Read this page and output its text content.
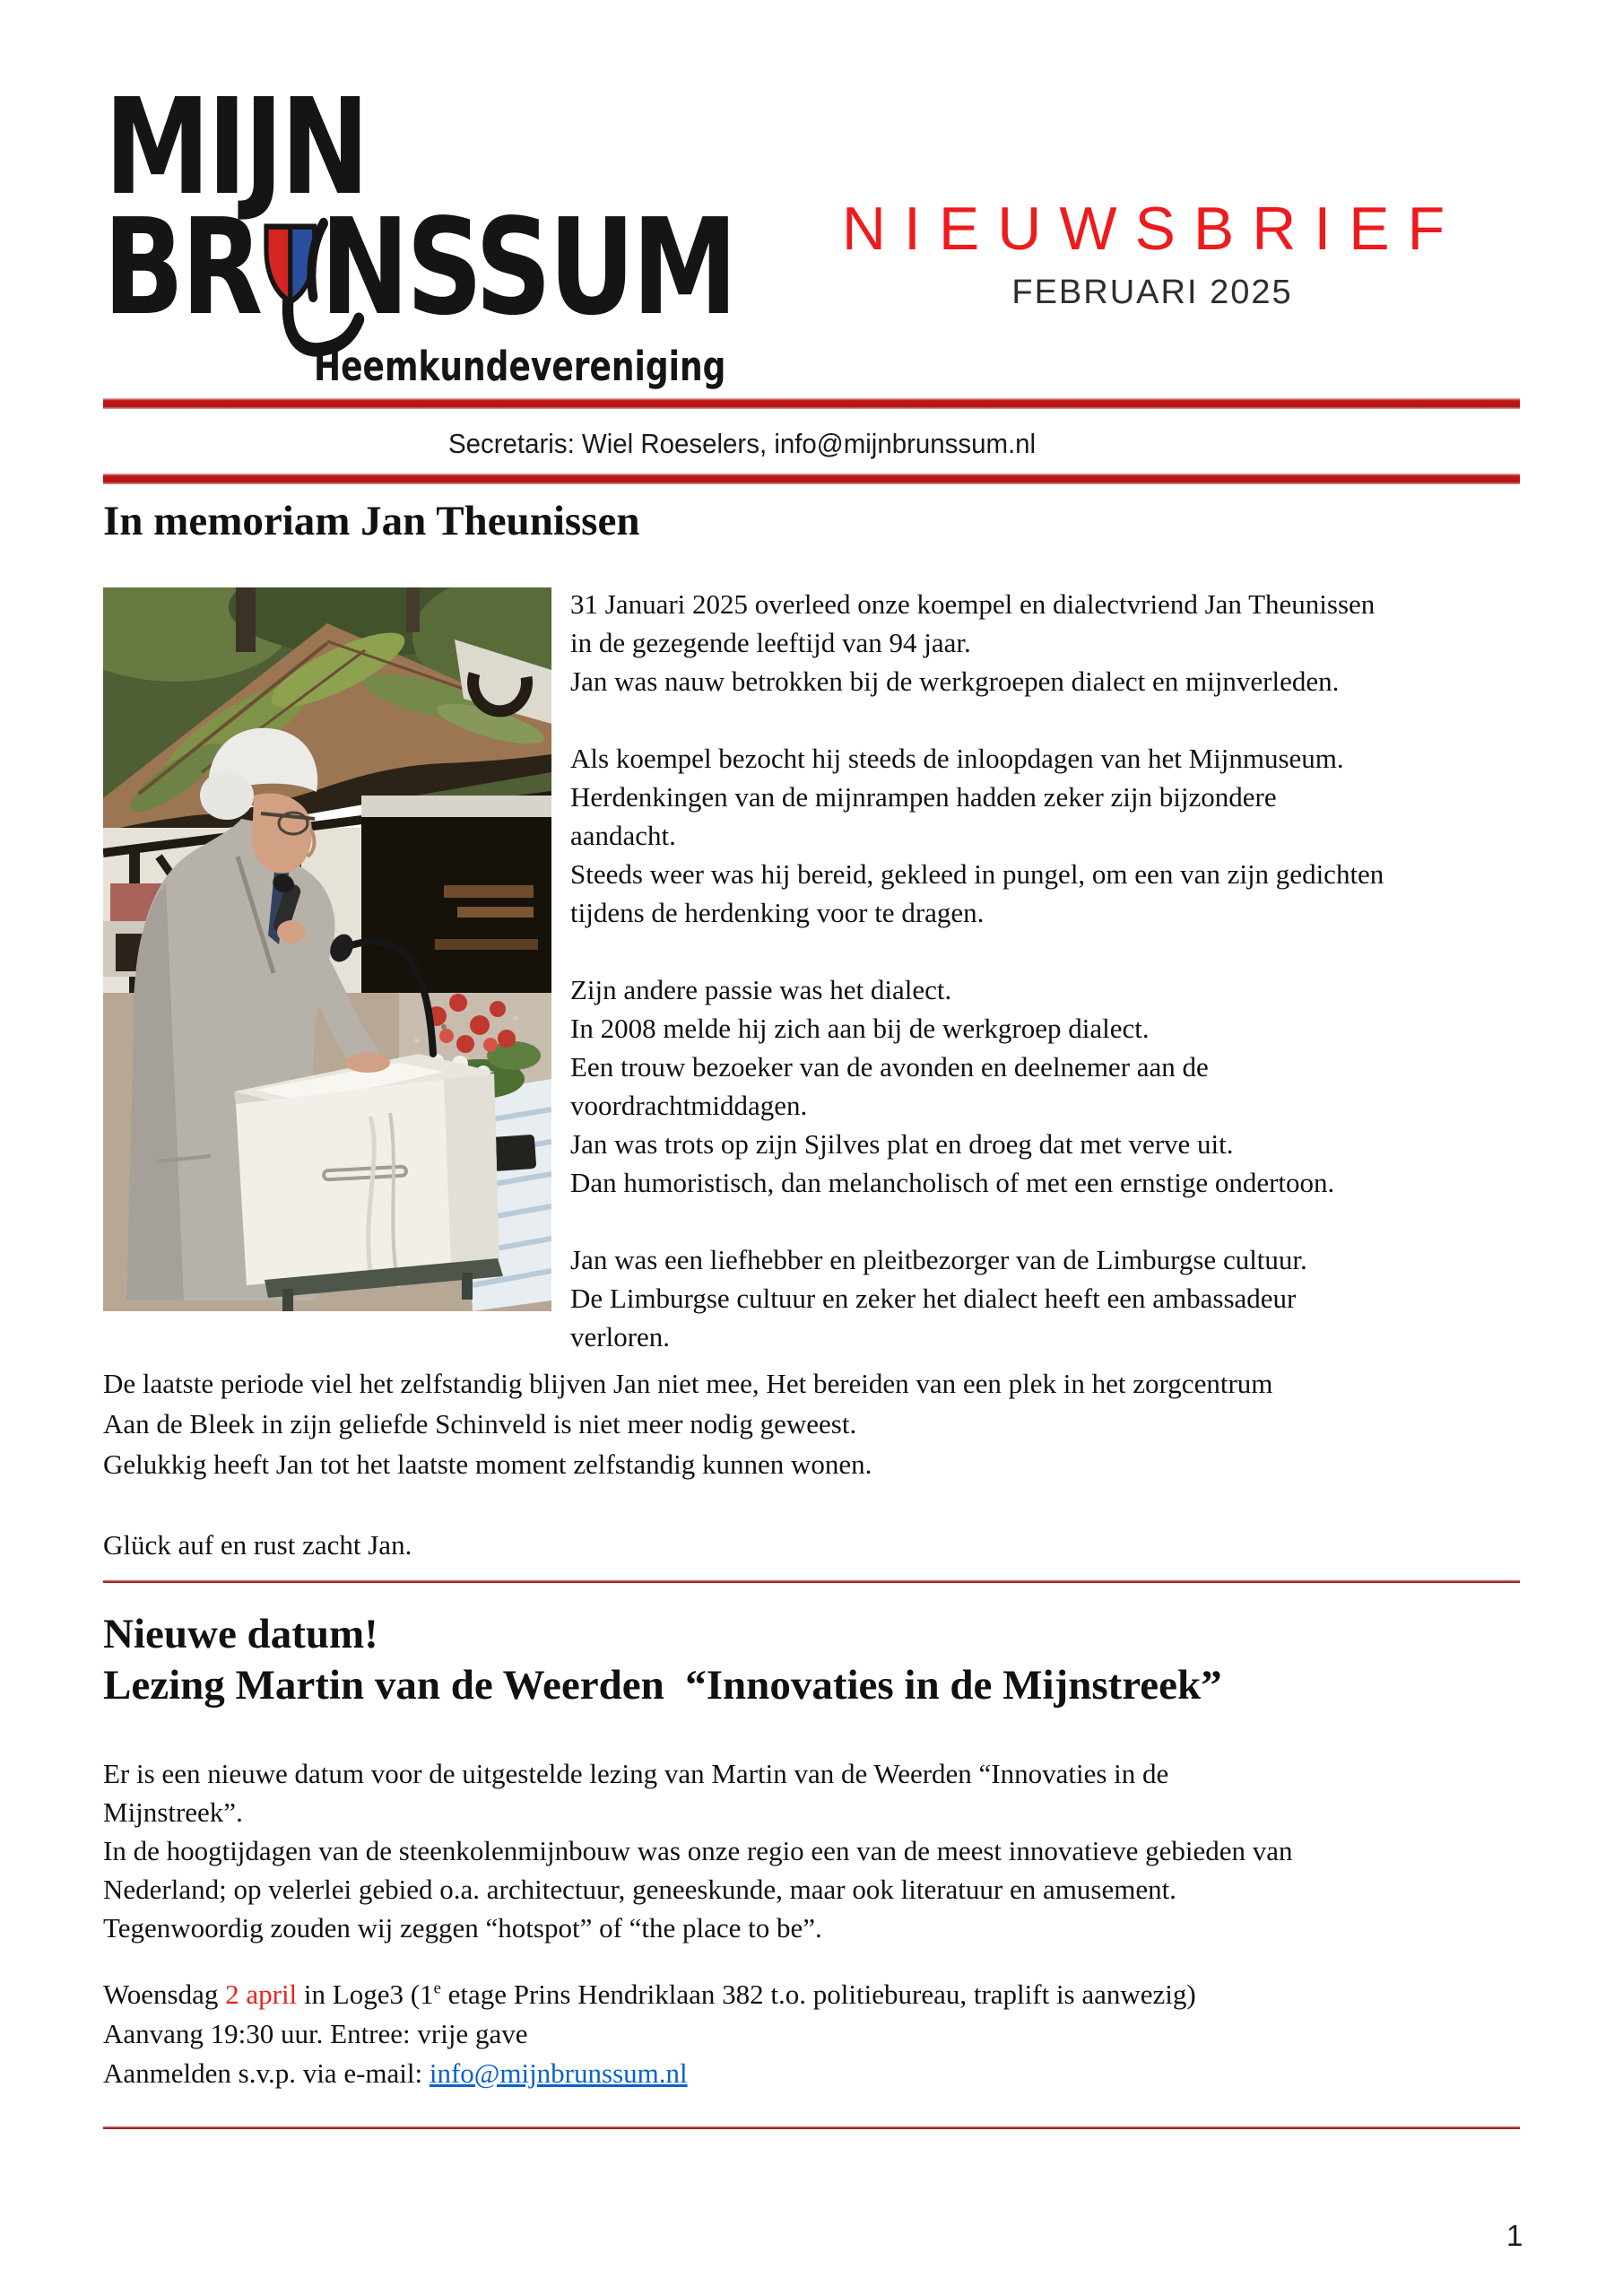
MIJN
BR NSSUM
Heemkundevereniging
NIEUWSBRIEF
FEBRUARI 2025
Secretaris: Wiel Roeselers, info@mijnbrunssum.nl
In memoriam Jan Theunissen
31 Januari 2025 overleed onze koempel en dialectvriend Jan Theunissen
in de gezegende leeftijd van 94 jaar.
Jan was nauw betrokken bij de werkgroepen dialect en mijnverleden.

Als koempel bezocht hij steeds de inloopdagen van het Mijnmuseum.
Herdenkingen van de mijnrampen hadden zeker zijn bijzondere
aandacht.
Steeds weer was hij bereid, gekleed in pungel, om een van zijn gedichten
tijdens de herdenking voor te dragen.

Zijn andere passie was het dialect.
In 2008 melde hij zich aan bij de werkgroep dialect.
Een trouw bezoeker van de avonden en deelnemer aan de
voordrachtmiddagen.
Jan was trots op zijn Sjilves plat en droeg dat met verve uit.
Dan humoristisch, dan melancholisch of met een ernstige ondertoon.

Jan was een liefhebber en pleitbezorger van de Limburgse cultuur.
De Limburgse cultuur en zeker het dialect heeft een ambassadeur
verloren.
De laatste periode viel het zelfstandig blijven Jan niet mee, Het bereiden van een plek in het zorgcentrum
Aan de Bleek in zijn geliefde Schinveld is niet meer nodig geweest.
Gelukkig heeft Jan tot het laatste moment zelfstandig kunnen wonen.

Glück auf en rust zacht Jan.
Nieuwe datum!
Lezing Martin van de Weerden  “Innovaties in de Mijnstreek”
Er is een nieuwe datum voor de uitgestelde lezing van Martin van de Weerden “Innovaties in de
Mijnstreek”.
In de hoogtijdagen van de steenkolenmijnbouw was onze regio een van de meest innovatieve gebieden van
Nederland; op velerlei gebied o.a. architectuur, geneeskunde, maar ook literatuur en amusement.
Tegenwoordig zouden wij zeggen “hotspot” of “the place to be”.
Woensdag 2 april in Loge3 (1e etage Prins Hendriklaan 382 t.o. politiebureau, traplift is aanwezig)
Aanvang 19:30 uur. Entree: vrije gave
Aanmelden s.v.p. via e-mail: info@mijnbrunssum.nl
1
